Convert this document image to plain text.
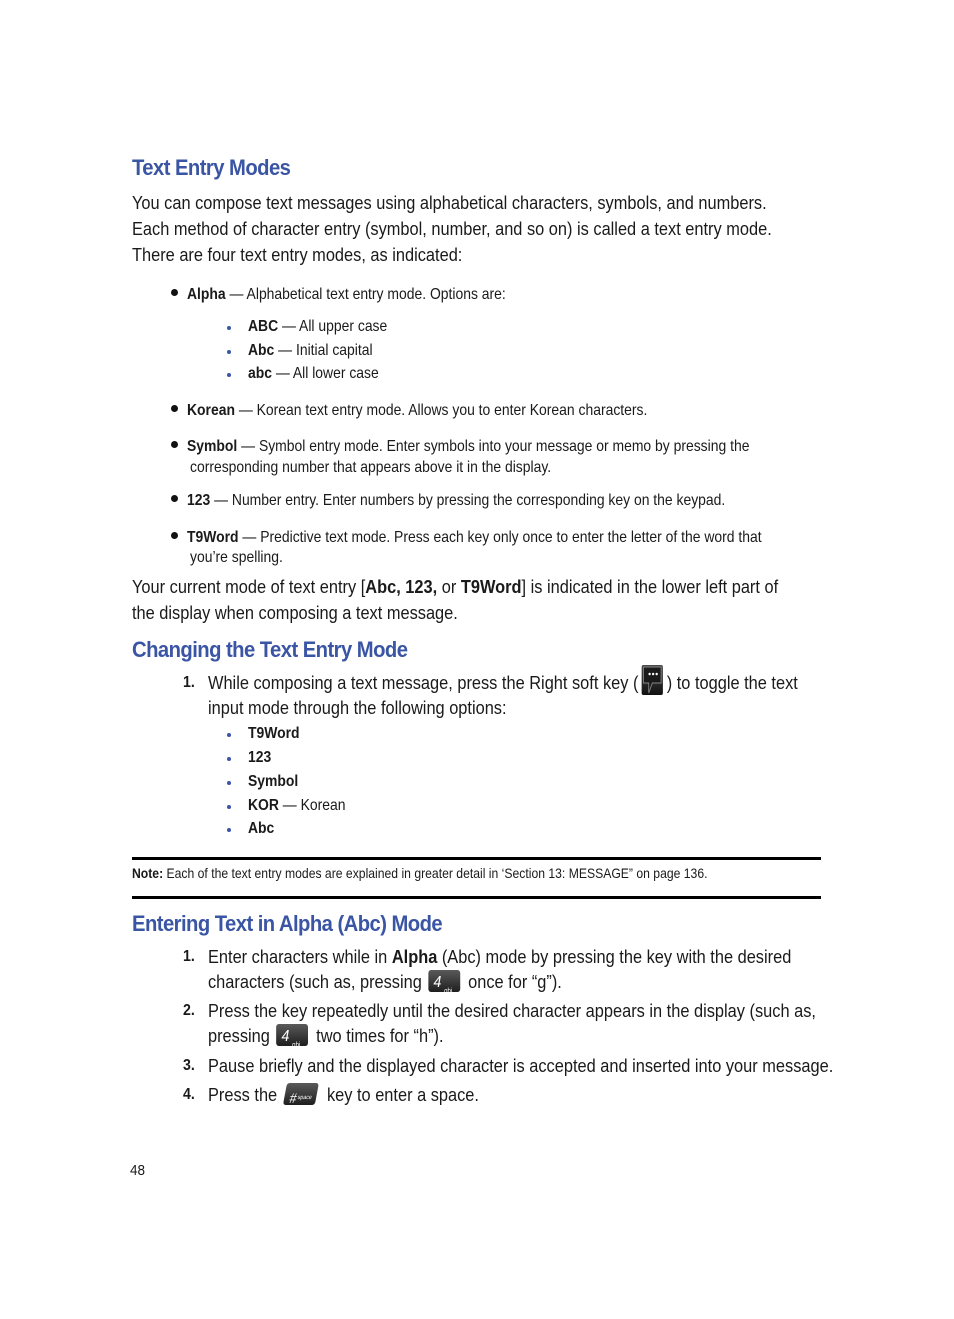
Text Entry Modes
You can compose text messages using alphabetical characters, symbols, and numbers.
Each method of character entry (symbol, number, and so on) is called a text entry mode.
There are four text entry modes, as indicated:
Alpha — Alphabetical text entry mode. Options are:
ABC — All upper case
Abc — Initial capital
abc — All lower case
Korean — Korean text entry mode. Allows you to enter Korean characters.
Symbol — Symbol entry mode. Enter symbols into your message or memo by pressing the
corresponding number that appears above it in the display.
123 — Number entry. Enter numbers by pressing the corresponding key on the keypad.
T9Word — Predictive text mode. Press each key only once to enter the letter of the word that
you’re spelling.
Your current mode of text entry [Abc, 123, or T9Word] is indicated in the lower left part of
the display when composing a text message.
Changing the Text Entry Mode
1. While composing a text message, press the Right soft key ( ) to toggle the text
input mode through the following options:
T9Word
123
Symbol
KOR — Korean
Abc
Note: Each of the text entry modes are explained in greater detail in ‘Section 13: MESSAGE” on page 136.
Entering Text in Alpha (Abc) Mode
1. Enter characters while in Alpha (Abc) mode by pressing the key with the desired
characters (such as, pressing 4
ghi once for “g”).
2. Press the key repeatedly until the desired character appears in the display (such as,
pressing 4
ghi two times for “h”).
3. Pause briefly and the displayed character is accepted and inserted into your message.
4. Press the #
space key to enter a space.
48
